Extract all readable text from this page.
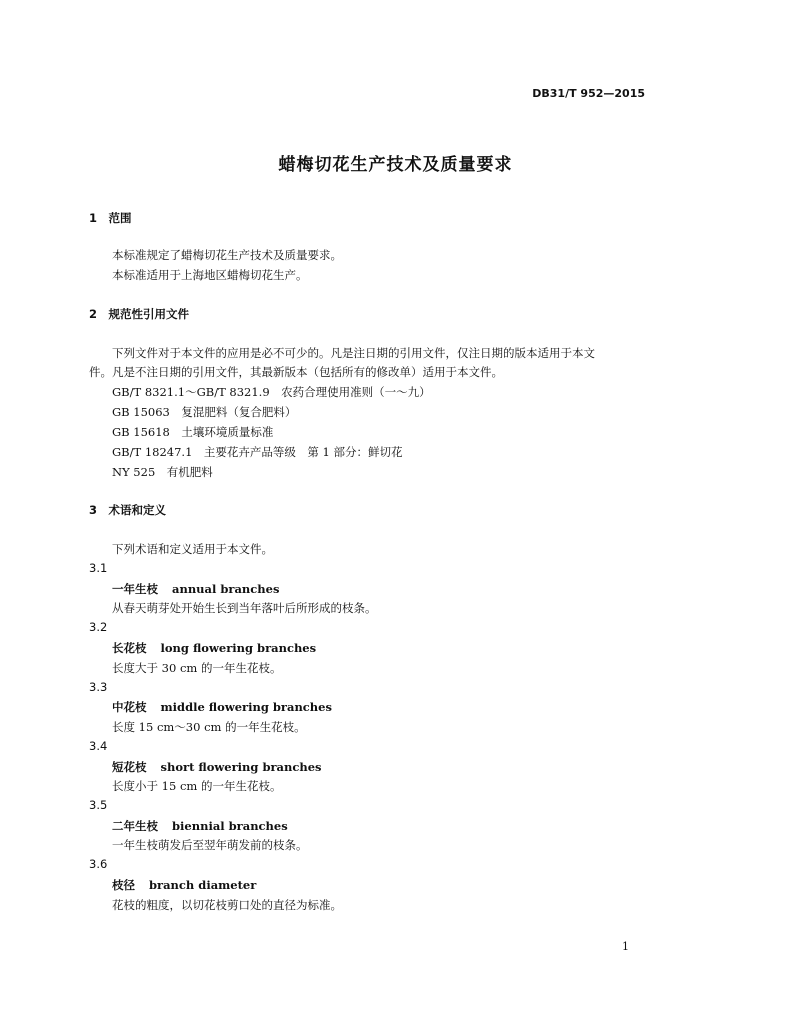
DB31/T 952—2015
蜡梅切花生产技术及质量要求
1　范围
本标准规定了蜡梅切花生产技术及质量要求。
本标准适用于上海地区蜡梅切花生产。
2　规范性引用文件
下列文件对于本文件的应用是必不可少的。凡是注日期的引用文件，仅注日期的版本适用于本文
件。凡是不注日期的引用文件，其最新版本（包括所有的修改单）适用于本文件。
GB/T 8321.1～GB/T 8321.9　农药合理使用准则（一～九）
GB 15063　复混肥料（复合肥料）
GB 15618　土壤环境质量标准
GB/T 18247.1　主要花卉产品等级　第 1 部分：鲜切花
NY 525　有机肥料
3　术语和定义
下列术语和定义适用于本文件。
3.1
一年生枝 annual branches
从春天萌芽处开始生长到当年落叶后所形成的枝条。
3.2
长花枝 long flowering branches
长度大于 30 cm 的一年生花枝。
3.3
中花枝 middle flowering branches
长度 15 cm～30 cm 的一年生花枝。
3.4
短花枝 short flowering branches
长度小于 15 cm 的一年生花枝。
3.5
二年生枝 biennial branches
一年生枝萌发后至翌年萌发前的枝条。
3.6
枝径 branch diameter
花枝的粗度，以切花枝剪口处的直径为标准。
1
